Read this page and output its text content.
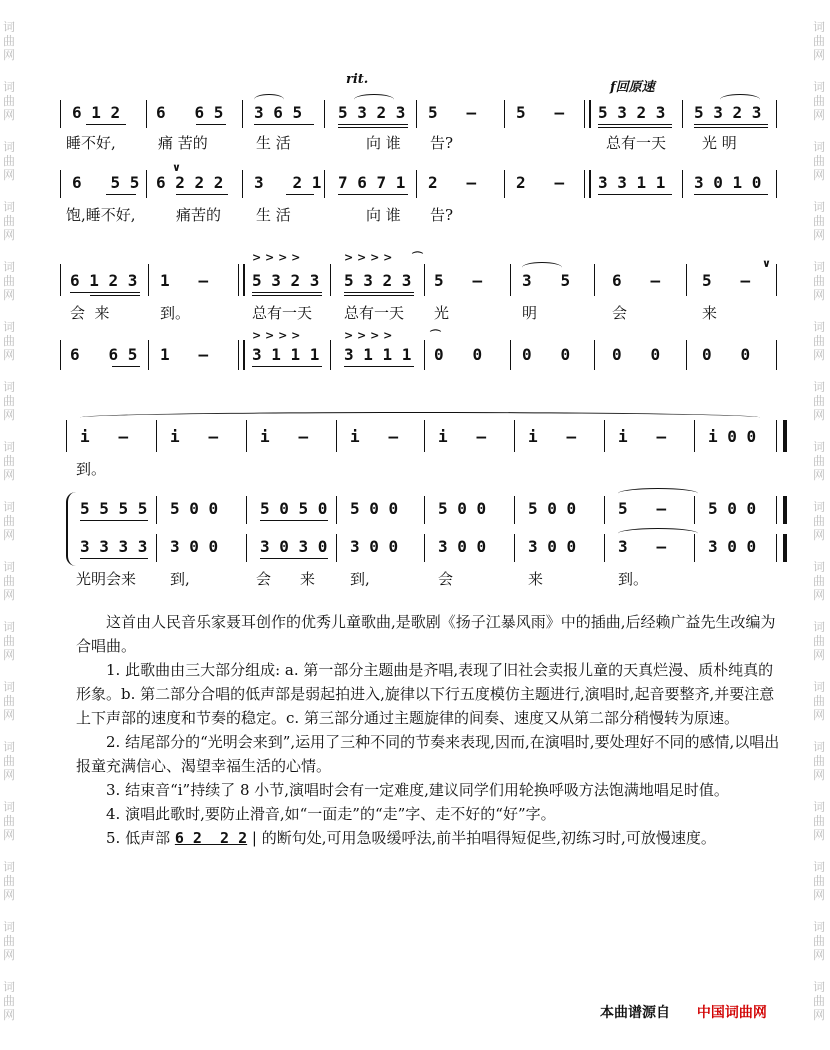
词
曲
网
词
曲
网
词
曲
网
词
曲
网
词
曲
网
词
曲
网
词
曲
网
词
曲
网
词
曲
网
词
曲
网
词
曲
网
词
曲
网
词
曲
网
词
曲
网
词
曲
网
词
曲
网
词
曲
网
词
曲
网
词
曲
网
词
曲
网
词
曲
网
词
曲
网
词
曲
网
词
曲
网
词
曲
网
词
曲
网
词
曲
网
词
曲
网
词
曲
网
词
曲
网
词
曲
网
词
曲
网
词
曲
网
词
曲
网
rit.
f回原速
6 1 2 6   6 5 3 6 5 5 3 2 3 5   – 5   – 5 3 2 3 5 3 2 3
睡不好,	痛 苦的	生 活	向 谁 告?	总有一天 光 明
∨
6   5 5 6 2 2 2 3   2 1 7 6 7 1 2   – 2   – 3 3 1 1 3 0 1 0
饱,睡不好,	痛苦的 生 活	向 谁 告?
> > > >	> > > > ⌒	∨
6 1 2 3 1   –	5 3 2 3 5 3 2 3 5   – 3   5	6   –	5   –
会  来	到。	总有一天 总有一天 光	明	会	来
> > > >	> > > >	⌒
6   6 5 1   –	3 1 1 1 3 1 1 1 0   0 0   0	0   0	0   0
i   –	i   –	i   –	i   – i   –	i   –	i   –	i 0 0
到。
5 5 5 5 5 0 0	5 0 5 0 5 0 0 5 0 0	5 0 0	5   –	5 0 0
3 3 3 3 3 0 0	3 0 3 0 3 0 0 3 0 0	3 0 0	3   –	3 0 0
光明会来 到,	会 来 到,	会	来	到。

这首由人民音乐家聂耳创作的优秀儿童歌曲,是歌剧《扬子江暴风雨》中的插曲,后经赖广益先生改编为合唱曲。

1. 此歌曲由三大部分组成: a. 第一部分主题曲是齐唱,表现了旧社会卖报儿童的天真烂漫、质朴纯真的形象。b. 第二部分合唱的低声部是弱起拍进入,旋律以下行五度模仿主题进行,演唱时,起音要整齐,并要注意上下声部的速度和节奏的稳定。c. 第三部分通过主题旋律的间奏、速度又从第二部分稍慢转为原速。

2. 结尾部分的“光明会来到”,运用了三种不同的节奏来表现,因而,在演唱时,要处理好不同的感情,以唱出报童充满信心、渴望幸福生活的心情。

3. 结束音“i”持续了 8 小节,演唱时会有一定难度,建议同学们用轮换呼吸方法饱满地唱足时值。

4. 演唱此歌时,要防止滑音,如“一面走”的“走”字、走不好的“好”字。

5. 低声部 6 2  2 2 | 的断句处,可用急吸缓呼法,前半拍唱得短促些,初练习时,可放慢速度。

本曲谱源自 中国词曲网
